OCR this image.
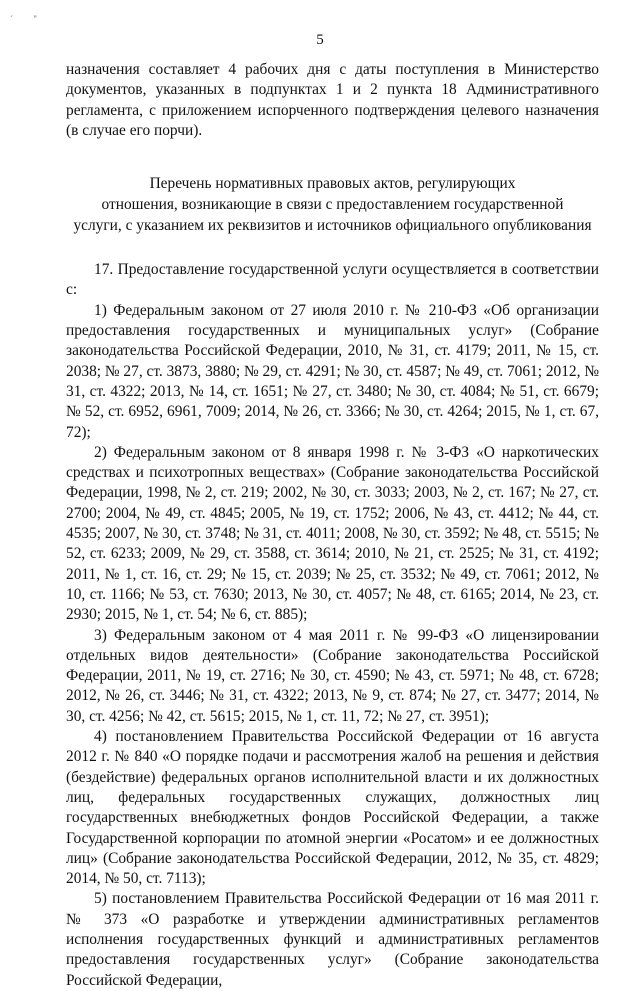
´ "
5

назначения составляет 4 рабочих дня с даты поступления в Министерство документов, указанных в подпунктах 1 и 2 пункта 18 Административного регламента, с приложением испорченного подтверждения целевого назначения (в случае его порчи).

Перечень нормативных правовых актов, регулирующих
отношения, возникающие в связи с предоставлением государственной
услуги, с указанием их реквизитов и источников официального опубликования

17. Предоставление государственной услуги осуществляется в соответствии с:

1) Федеральным законом от 27 июля 2010 г. № 210-ФЗ «Об организации предоставления государственных и муниципальных услуг» (Собрание законодательства Российской Федерации, 2010, № 31, ст. 4179; 2011, № 15, ст. 2038; № 27, ст. 3873, 3880; № 29, ст. 4291; № 30, ст. 4587; № 49, ст. 7061; 2012, № 31, ст. 4322; 2013, № 14, ст. 1651; № 27, ст. 3480; № 30, ст. 4084; № 51, ст. 6679; № 52, ст. 6952, 6961, 7009; 2014, № 26, ст. 3366; № 30, ст. 4264; 2015, № 1, ст. 67, 72);

2) Федеральным законом от 8 января 1998 г. № 3-ФЗ «О наркотических средствах и психотропных веществах» (Собрание законодательства Российской Федерации, 1998, № 2, ст. 219; 2002, № 30, ст. 3033; 2003, № 2, ст. 167; № 27, ст. 2700; 2004, № 49, ст. 4845; 2005, № 19, ст. 1752; 2006, № 43, ст. 4412; № 44, ст. 4535; 2007, № 30, ст. 3748; № 31, ст. 4011; 2008, № 30, ст. 3592; № 48, ст. 5515; № 52, ст. 6233; 2009, № 29, ст. 3588, ст. 3614; 2010, № 21, ст. 2525; № 31, ст. 4192; 2011, № 1, ст. 16, ст. 29; № 15, ст. 2039; № 25, ст. 3532; № 49, ст. 7061; 2012, № 10, ст. 1166; № 53, ст. 7630; 2013, № 30, ст. 4057; № 48, ст. 6165; 2014, № 23, ст. 2930; 2015, № 1, ст. 54; № 6, ст. 885);

3) Федеральным законом от 4 мая 2011 г. № 99-ФЗ «О лицензировании отдельных видов деятельности» (Собрание законодательства Российской Федерации, 2011, № 19, ст. 2716; № 30, ст. 4590; № 43, ст. 5971; № 48, ст. 6728; 2012, № 26, ст. 3446; № 31, ст. 4322; 2013, № 9, ст. 874; № 27, ст. 3477; 2014, № 30, ст. 4256; № 42, ст. 5615; 2015, № 1, ст. 11, 72; № 27, ст. 3951);

4) постановлением Правительства Российской Федерации от 16 августа 2012 г. № 840 «О порядке подачи и рассмотрения жалоб на решения и действия (бездействие) федеральных органов исполнительной власти и их должностных лиц, федеральных государственных служащих, должностных лиц государственных внебюджетных фондов Российской Федерации, а также Государственной корпорации по атомной энергии «Росатом» и ее должностных лиц» (Собрание законодательства Российской Федерации, 2012, № 35, ст. 4829; 2014, № 50, ст. 7113);

5) постановлением Правительства Российской Федерации от 16 мая 2011 г. № 373 «О разработке и утверждении административных регламентов исполнения государственных функций и административных регламентов предоставления государственных услуг» (Собрание законодательства Российской Федерации,
